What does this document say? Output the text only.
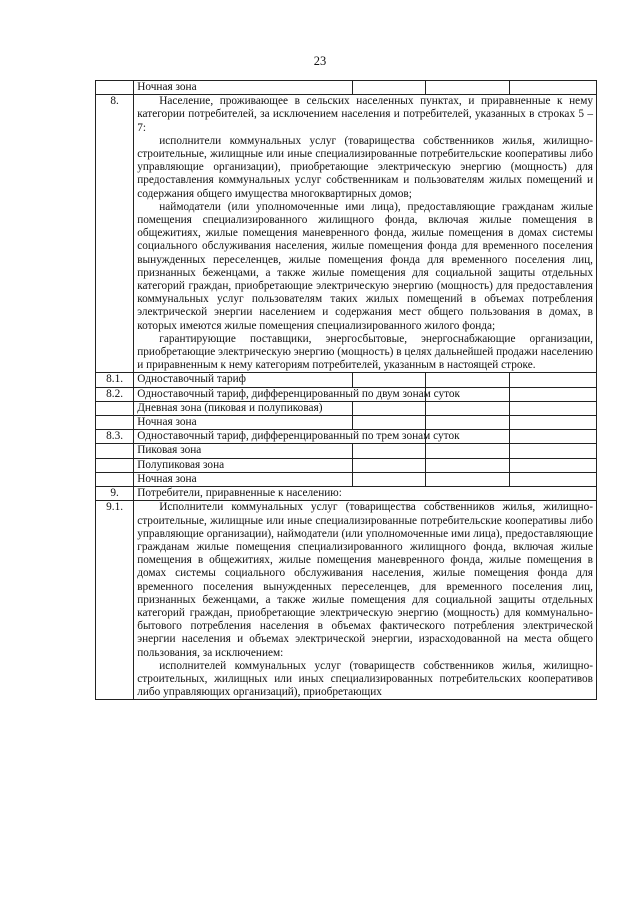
23
	Ночная зона			
8.	Население, проживающее в сельских населенных пунктах, и приравненные к нему категории потребителей, за исключением населения и потребителей, указанных в строках 5 – 7:

исполнители коммунальных услуг (товарищества собственников жилья, жилищно-строительные, жилищные или иные специализированные потребительские кооперативы либо управляющие организации), приобретающие электрическую энергию (мощность) для предоставления коммунальных услуг собственникам и пользователям жилых помещений и содержания общего имущества многоквартирных домов;

наймодатели (или уполномоченные ими лица), предоставляющие гражданам жилые помещения специализированного жилищного фонда, включая жилые помещения в общежитиях, жилые помещения маневренного фонда, жилые помещения в домах системы социального обслуживания населения, жилые помещения фонда для временного поселения вынужденных переселенцев, жилые помещения фонда для временного поселения лиц, признанных беженцами, а также жилые помещения для социальной защиты отдельных категорий граждан, приобретающие электрическую энергию (мощность) для предоставления коммунальных услуг пользователям таких жилых помещений в объемах потребления электрической энергии населением и содержания мест общего пользования в домах, в которых имеются жилые помещения специализированного жилого фонда;

гарантирующие поставщики, энергосбытовые, энергоснабжающие организации, приобретающие электрическую энергию (мощность) в целях дальнейшей продажи населению и приравненным к нему категориям потребителей, указанным в настоящей строке.			

8.1.	Одноставочный тариф			
8.2.	Одноставочный тариф, дифференцированный по двум зонам суток			
	Дневная зона (пиковая и полупиковая)			
	Ночная зона			
8.3.	Одноставочный тариф, дифференцированный по трем зонам суток			
	Пиковая зона			
	Полупиковая зона			
	Ночная зона			
9.	Потребители, приравненные к населению:			
9.1.	Исполнители коммунальных услуг (товарищества собственников жилья, жилищно-строительные, жилищные или иные специализированные потребительские кооперативы либо управляющие организации), наймодатели (или уполномоченные ими лица), предоставляющие гражданам жилые помещения специализированного жилищного фонда, включая жилые помещения в общежитиях, жилые помещения маневренного фонда, жилые помещения в домах системы социального обслуживания населения, жилые помещения фонда для временного поселения вынужденных переселенцев, для временного поселения лиц, признанных беженцами, а также жилые помещения для социальной защиты отдельных категорий граждан, приобретающие электрическую энергию (мощность) для коммунально-бытового потребления населения в объемах фактического потребления электрической энергии населения и объемах электрической энергии, израсходованной на места общего пользования, за исключением:

исполнителей коммунальных услуг (товариществ собственников жилья, жилищно-строительных, жилищных или иных специализированных потребительских кооперативов либо управляющих организаций), приобретающих			
